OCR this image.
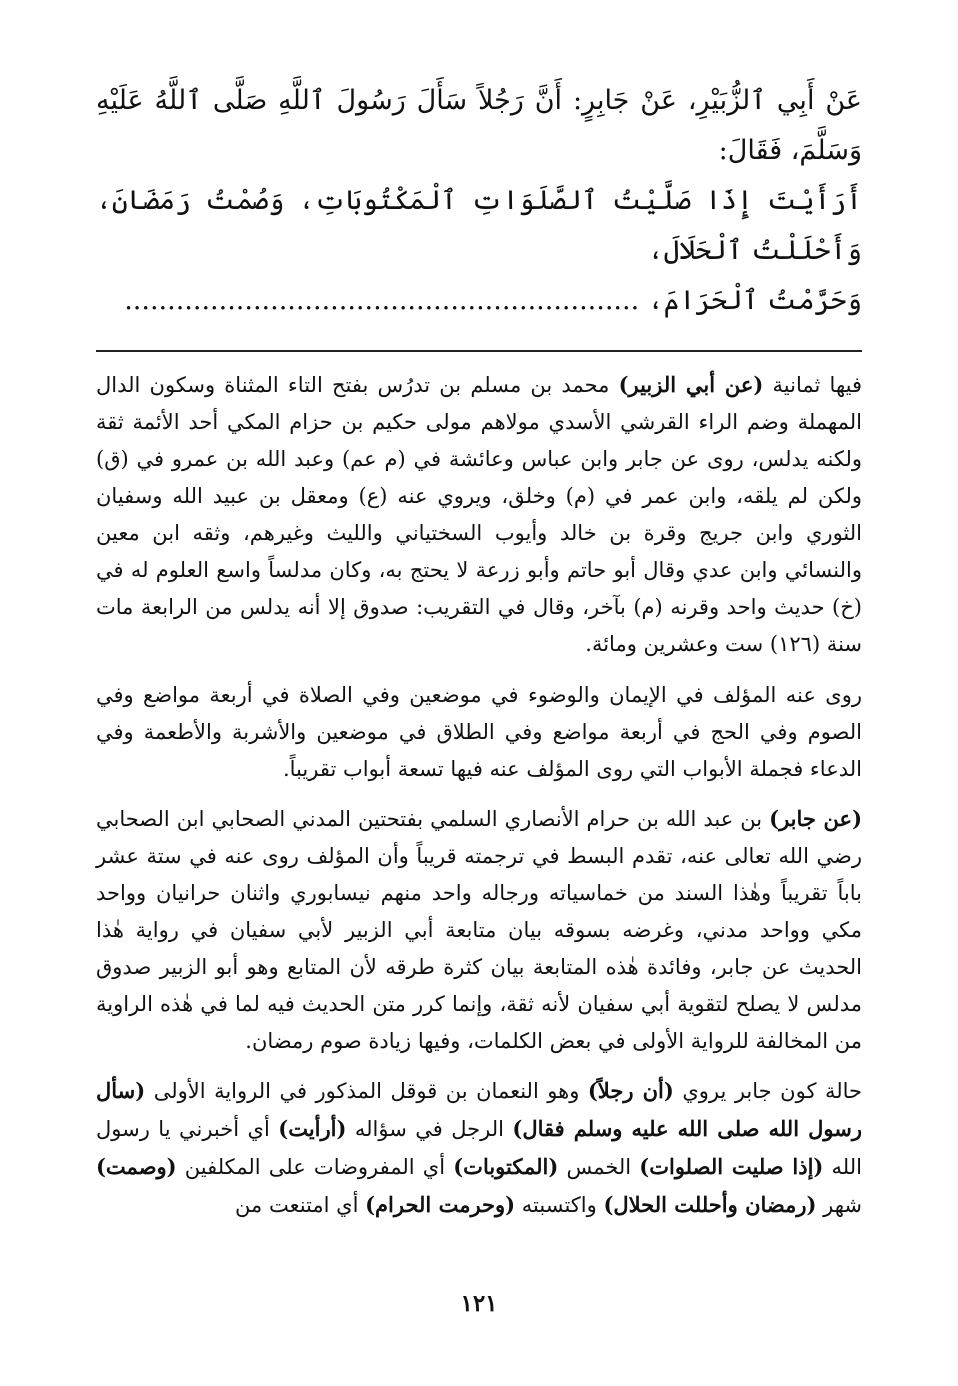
عَنْ أَبِي ٱلزُّبَيْرِ، عَنْ جَابِرٍ: أَنَّ رَجُلاً سَأَلَ رَسُولَ ٱللَّهِ صَلَّى ٱللَّهُ عَلَيْهِ وَسَلَّمَ، فَقَالَ:
أَرَأَيْتَ إِذَا صَلَّيْتُ ٱلصَّلَوَاتِ ٱلْمَكْتُوبَاتِ، وَصُمْتُ رَمَضَانَ، وَأَحْلَلْتُ ٱلْحَلَالَ،
وَحَرَّمْتُ ٱلْحَرَامَ، ............................................................

فيها ثمانية (عن أبي الزبير) محمد بن مسلم بن تدرُس بفتح التاء المثناة وسكون الدال المهملة وضم الراء القرشي الأسدي مولاهم مولى حكيم بن حزام المكي أحد الأئمة ثقة ولكنه يدلس، روى عن جابر وابن عباس وعائشة في (م عم) وعبد الله بن عمرو في (ق) ولكن لم يلقه، وابن عمر في (م) وخلق، ويروي عنه (ع) ومعقل بن عبيد الله وسفيان الثوري وابن جريج وقرة بن خالد وأيوب السختياني والليث وغيرهم، وثقه ابن معين والنسائي وابن عدي وقال أبو حاتم وأبو زرعة لا يحتج به، وكان مدلساً واسع العلوم له في (خ) حديث واحد وقرنه (م) بآخر، وقال في التقريب: صدوق إلا أنه يدلس من الرابعة مات سنة (١٢٦) ست وعشرين ومائة.

روى عنه المؤلف في الإيمان والوضوء في موضعين وفي الصلاة في أربعة مواضع وفي الصوم وفي الحج في أربعة مواضع وفي الطلاق في موضعين والأشربة والأطعمة وفي الدعاء فجملة الأبواب التي روى المؤلف عنه فيها تسعة أبواب تقريباً.

(عن جابر) بن عبد الله بن حرام الأنصاري السلمي بفتحتين المدني الصحابي ابن الصحابي رضي الله تعالى عنه، تقدم البسط في ترجمته قريباً وأن المؤلف روى عنه في ستة عشر باباً تقريباً وهٰذا السند من خماسياته ورجاله واحد منهم نيسابوري واثنان حرانيان وواحد مكي وواحد مدني، وغرضه بسوقه بيان متابعة أبي الزبير لأبي سفيان في رواية هٰذا الحديث عن جابر، وفائدة هٰذه المتابعة بيان كثرة طرقه لأن المتابع وهو أبو الزبير صدوق مدلس لا يصلح لتقوية أبي سفيان لأنه ثقة، وإنما كرر متن الحديث فيه لما في هٰذه الراوية من المخالفة للرواية الأولى في بعض الكلمات، وفيها زيادة صوم رمضان.

حالة كون جابر يروي (أن رجلاً) وهو النعمان بن قوقل المذكور في الرواية الأولى (سأل رسول الله صلى الله عليه وسلم فقال) الرجل في سؤاله (أرأيت) أي أخبرني يا رسول الله (إذا صليت الصلوات) الخمس (المكتوبات) أي المفروضات على المكلفين (وصمت) شهر (رمضان وأحللت الحلال) واكتسبته (وحرمت الحرام) أي امتنعت من

١٢١
